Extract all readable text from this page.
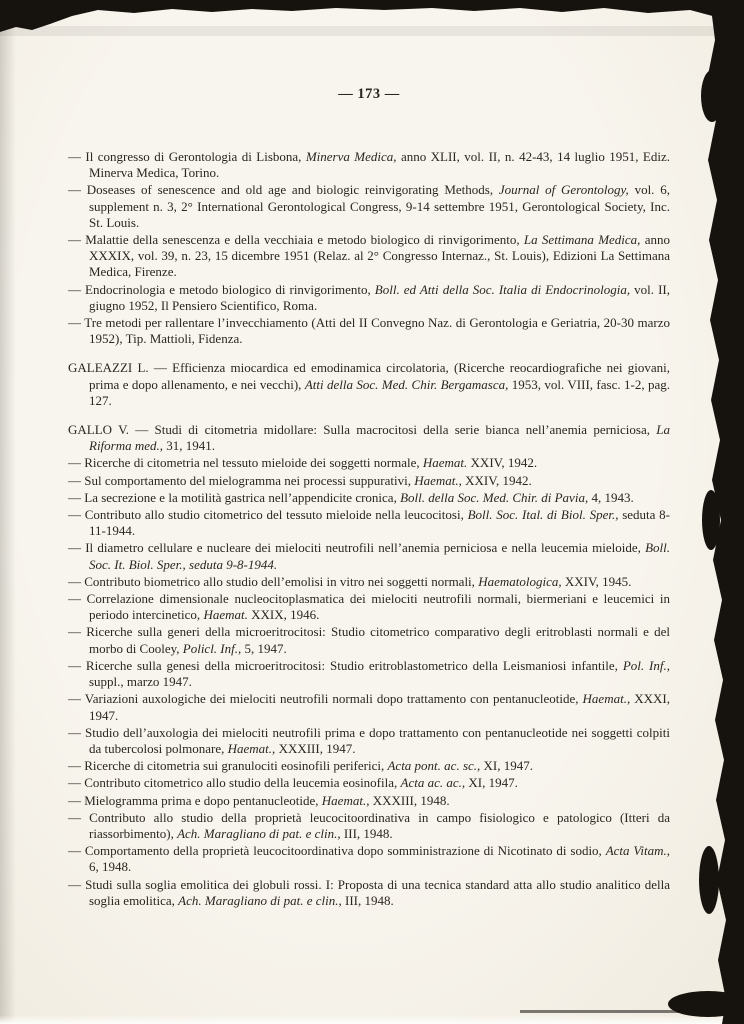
— 173 —
— Il congresso di Gerontologia di Lisbona, Minerva Medica, anno XLII, vol. II, n. 42-43, 14 luglio 1951, Ediz. Minerva Medica, Torino.
— Doseases of senescence and old age and biologic reinvigorating Methods, Journal of Gerontology, vol. 6, supplement n. 3, 2° International Gerontological Congress, 9-14 settembre 1951, Gerontological Society, Inc. St. Louis.
— Malattie della senescenza e della vecchiaia e metodo biologico di rinvigorimento, La Settimana Medica, anno XXXIX, vol. 39, n. 23, 15 dicembre 1951 (Relaz. al 2° Congresso Internaz., St. Louis), Edizioni La Settimana Medica, Firenze.
— Endocrinologia e metodo biologico di rinvigorimento, Boll. ed Atti della Soc. Italia di Endocrinologia, vol. II, giugno 1952, Il Pensiero Scientifico, Roma.
— Tre metodi per rallentare l’invecchiamento (Atti del II Convegno Naz. di Gerontologia e Geriatria, 20-30 marzo 1952), Tip. Mattioli, Fidenza.
GALEAZZI L. — Efficienza miocardica ed emodinamica circolatoria, (Ricerche reocardiografiche nei giovani, prima e dopo allenamento, e nei vecchi), Atti della Soc. Med. Chir. Bergamasca, 1953, vol. VIII, fasc. 1-2, pag. 127.
GALLO V. — Studi di citometria midollare: Sulla macrocitosi della serie bianca nell’anemia perniciosa, La Riforma med., 31, 1941.
— Ricerche di citometria nel tessuto mieloide dei soggetti normale, Haemat. XXIV, 1942.
— Sul comportamento del mielogramma nei processi suppurativi, Haemat., XXIV, 1942.
— La secrezione e la motilità gastrica nell’appendicite cronica, Boll. della Soc. Med. Chir. di Pavia, 4, 1943.
— Contributo allo studio citometrico del tessuto mieloide nella leucocitosi, Boll. Soc. Ital. di Biol. Sper., seduta 8-11-1944.
— Il diametro cellulare e nucleare dei mielociti neutrofili nell’anemia perniciosa e nella leucemia mieloide, Boll. Soc. It. Biol. Sper., seduta 9-8-1944.
— Contributo biometrico allo studio dell’emolisi in vitro nei soggetti normali, Haematologica, XXIV, 1945.
— Correlazione dimensionale nucleocitoplasmatica dei mielociti neutrofili normali, biermeriani e leucemici in periodo intercinetico, Haemat. XXIX, 1946.
— Ricerche sulla generi della microeritrocitosi: Studio citometrico comparativo degli eritroblasti normali e del morbo di Cooley, Policl. Inf., 5, 1947.
— Ricerche sulla genesi della microeritrocitosi: Studio eritroblastometrico della Leismaniosi infantile, Pol. Inf., suppl., marzo 1947.
— Variazioni auxologiche dei mielociti neutrofili normali dopo trattamento con pentanucleotide, Haemat., XXXI, 1947.
— Studio dell’auxologia dei mielociti neutrofili prima e dopo trattamento con pentanucleotide nei soggetti colpiti da tubercolosi polmonare, Haemat., XXXIII, 1947.
— Ricerche di citometria sui granulociti eosinofili periferici, Acta pont. ac. sc., XI, 1947.
— Contributo citometrico allo studio della leucemia eosinofila, Acta ac. ac., XI, 1947.
— Mielogramma prima e dopo pentanucleotide, Haemat., XXXIII, 1948.
— Contributo allo studio della proprietà leucocitoordinativa in campo fisiologico e patologico (Itteri da riassorbimento), Ach. Maragliano di pat. e clin., III, 1948.
— Comportamento della proprietà leucocitoordinativa dopo somministrazione di Nicotinato di sodio, Acta Vitam., 6, 1948.
— Studi sulla soglia emolitica dei globuli rossi. I: Proposta di una tecnica standard atta allo studio analitico della soglia emolitica, Ach. Maragliano di pat. e clin., III, 1948.
